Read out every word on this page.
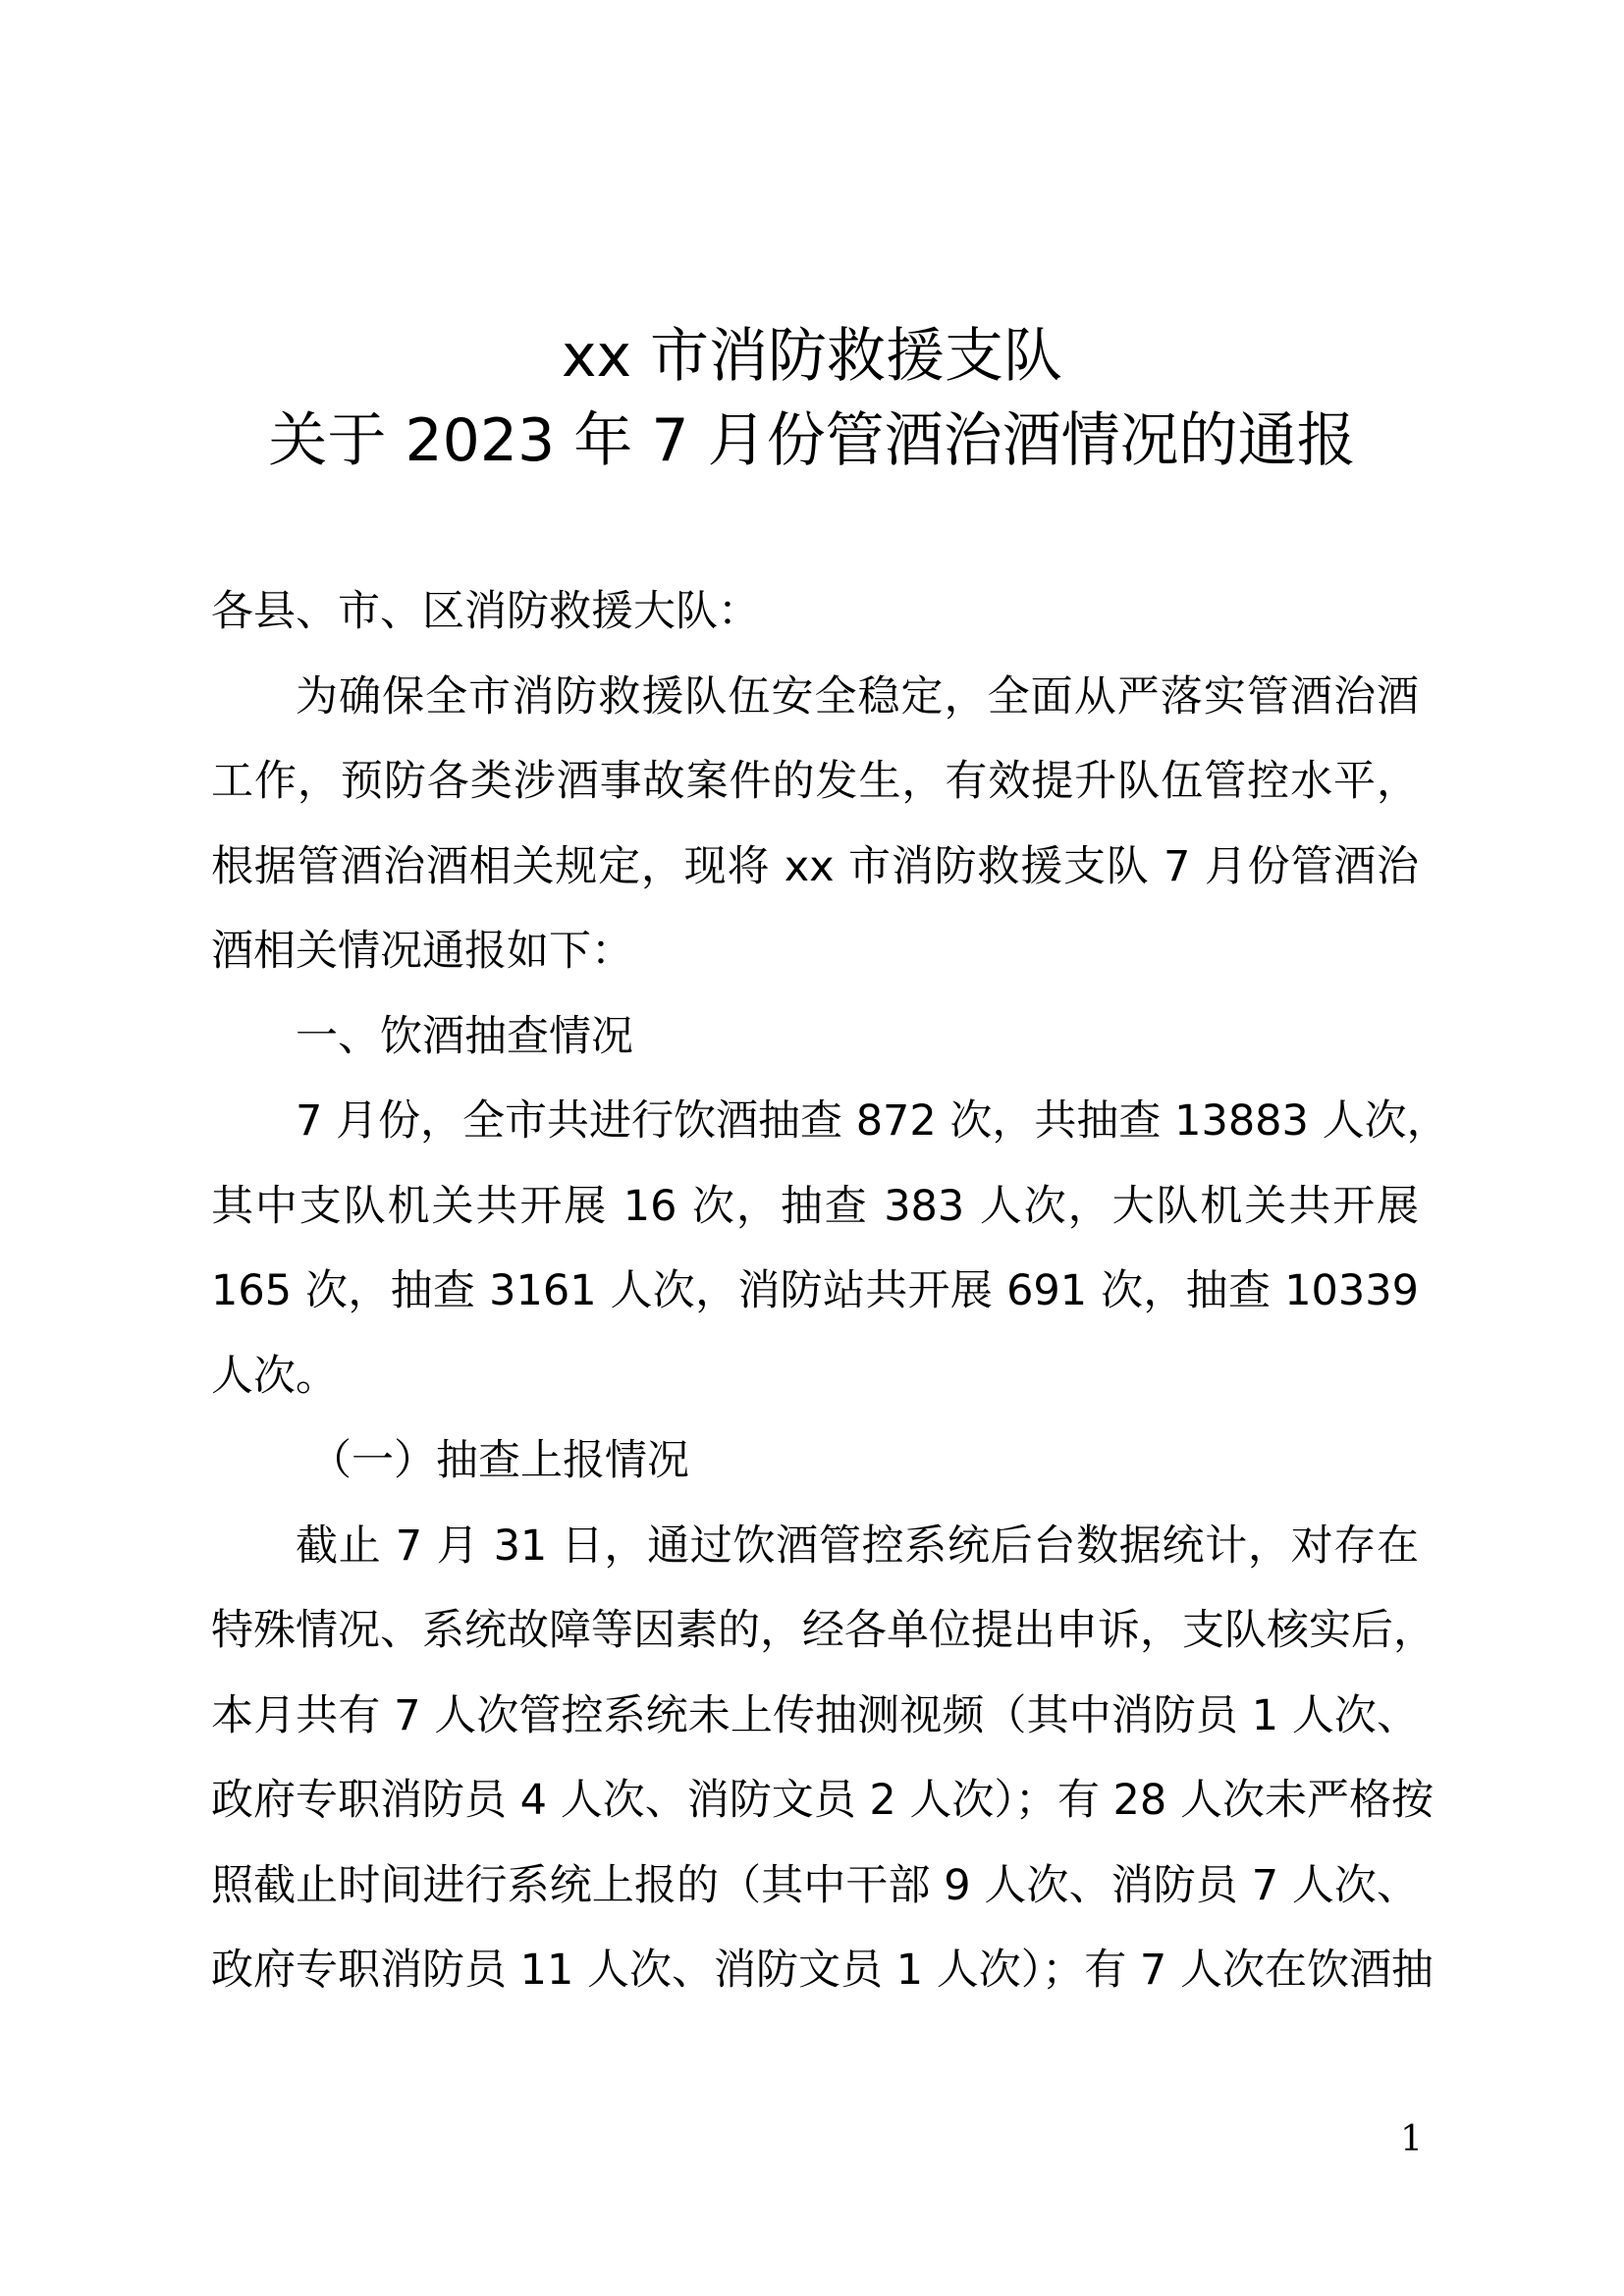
xx 市消防救援支队
关于 2023 年 7 月份管酒治酒情况的通报
各县、市、区消防救援大队：
为确保全市消防救援队伍安全稳定，全面从严落实管酒治酒
工作，预防各类涉酒事故案件的发生，有效提升队伍管控水平，
根据管酒治酒相关规定，现将 xx 市消防救援支队 7 月份管酒治
酒相关情况通报如下：
一、饮酒抽查情况
7 月份，全市共进行饮酒抽查 872 次，共抽查 13883 人次，
其中支队机关共开展 16 次，抽查 383 人次，大队机关共开展
165 次，抽查 3161 人次，消防站共开展 691 次，抽查 10339
人次。
（一）抽查上报情况
截止 7 月 31 日，通过饮酒管控系统后台数据统计，对存在
特殊情况、系统故障等因素的，经各单位提出申诉，支队核实后，
本月共有 7 人次管控系统未上传抽测视频（其中消防员 1 人次、
政府专职消防员 4 人次、消防文员 2 人次）；有 28 人次未严格按
照截止时间进行系统上报的（其中干部 9 人次、消防员 7 人次、
政府专职消防员 11 人次、消防文员 1 人次）；有 7 人次在饮酒抽
1
